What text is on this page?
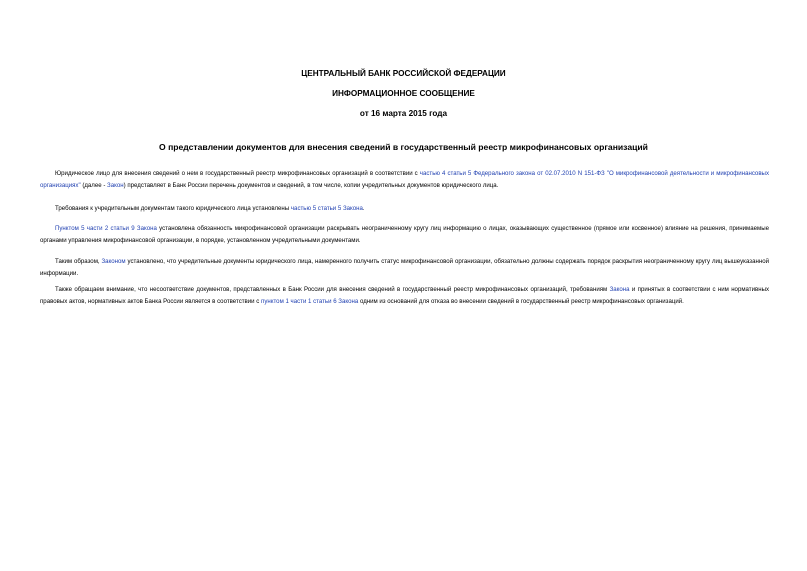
ЦЕНТРАЛЬНЫЙ БАНК РОССИЙСКОЙ ФЕДЕРАЦИИ
ИНФОРМАЦИОННОЕ СООБЩЕНИЕ
от 16 марта 2015 года
О представлении документов для внесения сведений в государственный реестр микрофинансовых организаций

Юридическое лицо для внесения сведений о нем в государственный реестр микрофинансовых организаций в соответствии с частью 4 статьи 5 Федерального закона от 02.07.2010 N 151-ФЗ "О микрофинансовой деятельности и микрофинансовых организациях" (далее - Закон) представляет в Банк России перечень документов и сведений, в том числе, копии учредительных документов юридического лица.

Требования к учредительным документам такого юридического лица установлены частью 5 статьи 5 Закона.

Пунктом 5 части 2 статьи 9 Закона установлена обязанность микрофинансовой организации раскрывать неограниченному кругу лиц информацию о лицах, оказывающих существенное (прямое или косвенное) влияние на решения, принимаемые органами управления микрофинансовой организации, в порядке, установленном учредительными документами.

Таким образом, Законом установлено, что учредительные документы юридического лица, намеренного получить статус микрофинансовой организации, обязательно должны содержать порядок раскрытия неограниченному кругу лиц вышеуказанной информации.

Также обращаем внимание, что несоответствие документов, представленных в Банк России для внесения сведений в государственный реестр микрофинансовых организаций, требованиям Закона и принятых в соответствии с ним нормативных правовых актов, нормативных актов Банка России является в соответствии с пунктом 1 части 1 статьи 6 Закона одним из оснований для отказа во внесении сведений в государственный реестр микрофинансовых организаций.
